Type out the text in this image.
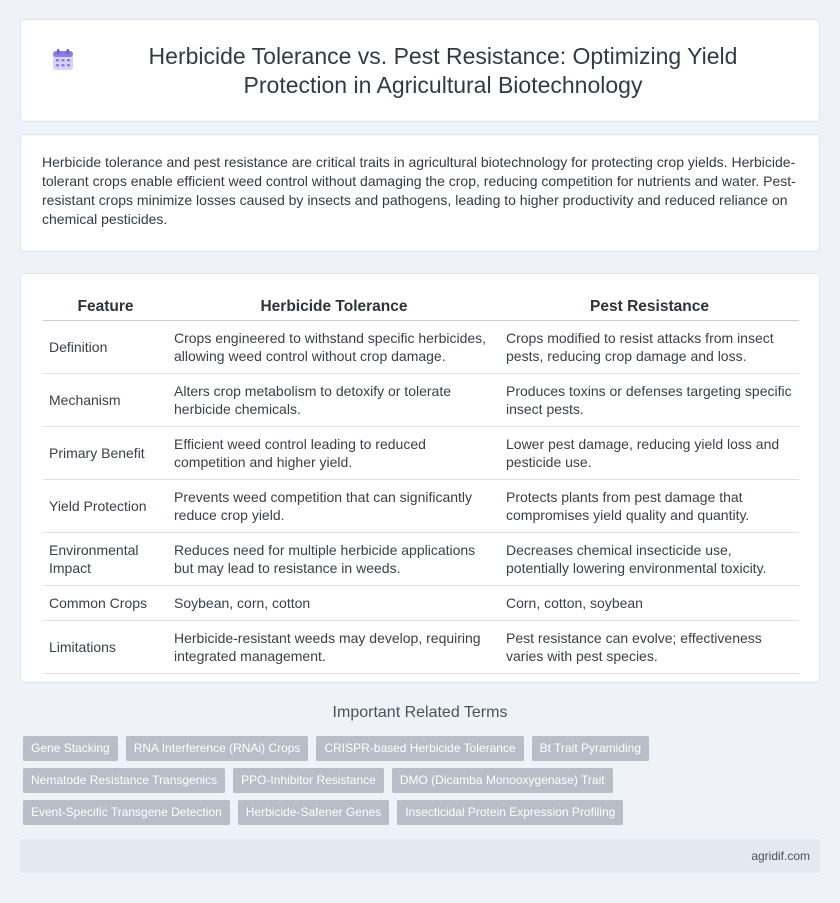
Herbicide Tolerance vs. Pest Resistance: Optimizing Yield Protection in Agricultural Biotechnology

Herbicide tolerance and pest resistance are critical traits in agricultural biotechnology for protecting crop yields. Herbicide-tolerant crops enable efficient weed control without damaging the crop, reducing competition for nutrients and water. Pest-resistant crops minimize losses caused by insects and pathogens, leading to higher productivity and reduced reliance on chemical pesticides.

Feature	Herbicide Tolerance	Pest Resistance
Definition	Crops engineered to withstand specific herbicides, allowing weed control without crop damage.	Crops modified to resist attacks from insect pests, reducing crop damage and loss.
Mechanism	Alters crop metabolism to detoxify or tolerate herbicide chemicals.	Produces toxins or defenses targeting specific insect pests.
Primary Benefit	Efficient weed control leading to reduced competition and higher yield.	Lower pest damage, reducing yield loss and pesticide use.
Yield Protection	Prevents weed competition that can significantly reduce crop yield.	Protects plants from pest damage that compromises yield quality and quantity.
Environmental Impact	Reduces need for multiple herbicide applications but may lead to resistance in weeds.	Decreases chemical insecticide use, potentially lowering environmental toxicity.
Common Crops	Soybean, corn, cotton	Corn, cotton, soybean
Limitations	Herbicide-resistant weeds may develop, requiring integrated management.	Pest resistance can evolve; effectiveness varies with pest species.
Important Related Terms
Gene Stacking	RNA Interference (RNAi) Crops	CRISPR-based Herbicide Tolerance	Bt Trait Pyramiding
Nematode Resistance Transgenics	PPO-Inhibitor Resistance	DMO (Dicamba Monooxygenase) Trait
Event-Specific Transgene Detection	Herbicide-Safener Genes	Insecticidal Protein Expression Profiling
agridif.com
